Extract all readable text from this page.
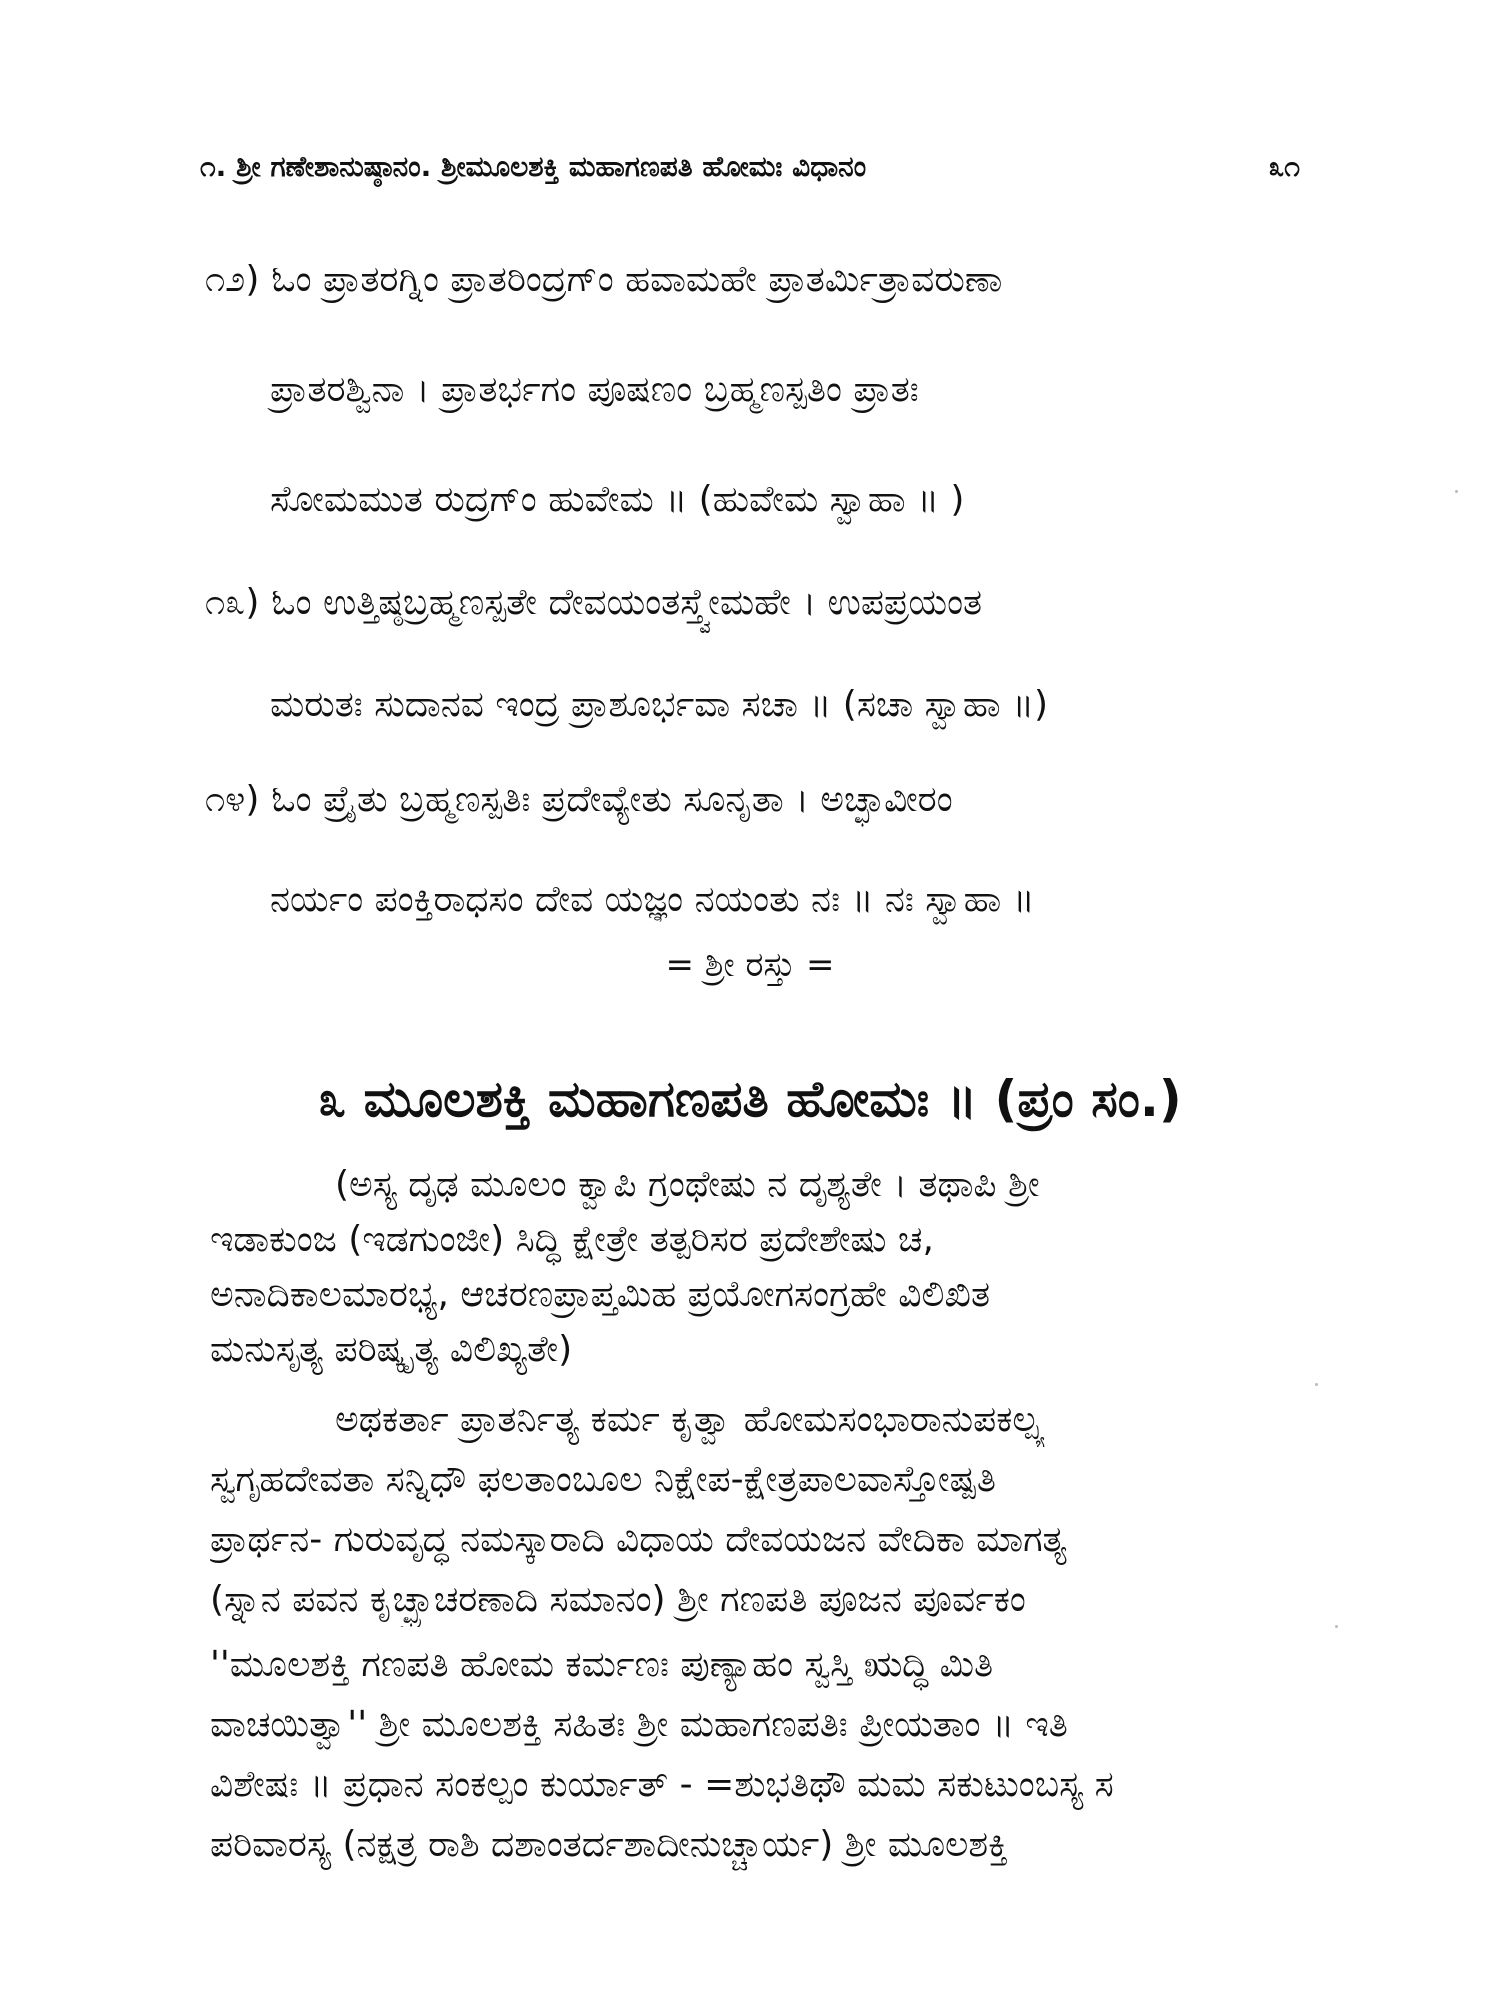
೧. ಶ್ರೀ ಗಣೇಶಾನುಷ್ಠಾನಂ. ಶ್ರೀಮೂಲಶಕ್ತಿ ಮಹಾಗಣಪತಿ ಹೋಮಃ ವಿಧಾನಂ	೩೧
೧೨) ಓಂ ಪ್ರಾತರಗ್ನಿಂ ಪ್ರಾತರಿಂದ್ರಗ್ಂ ಹವಾಮಹೇ ಪ್ರಾತರ್ಮಿತ್ರಾವರುಣಾ
ಪ್ರಾತರಶ್ವಿನಾ । ಪ್ರಾತರ್ಭಗಂ ಪೂಷಣಂ ಬ್ರಹ್ಮಣಸ್ಪತಿಂ ಪ್ರಾತಃ
ಸೋಮಮುತ ರುದ್ರಗ್ಂ ಹುವೇಮ ॥ (ಹುವೇಮ ಸ್ವಾಹಾ ॥ )
೧೩) ಓಂ ಉತ್ತಿಷ್ಠಬ್ರಹ್ಮಣಸ್ಪತೇ ದೇವಯಂತಸ್ತ್ವೇಮಹೇ । ಉಪಪ್ರಯಂತ
ಮರುತಃ ಸುದಾನವ ಇಂದ್ರ ಪ್ರಾಶೂರ್ಭವಾ ಸಚಾ ॥ (ಸಚಾ ಸ್ವಾಹಾ ॥)
೧೪) ಓಂ ಪ್ರೈತು ಬ್ರಹ್ಮಣಸ್ಪತಿಃ ಪ್ರದೇವ್ಯೇತು ಸೂನೃತಾ । ಅಚ್ಛಾವೀರಂ
ನರ್ಯಂ ಪಂಕ್ತಿರಾಧಸಂ ದೇವ ಯಜ್ಞಂ ನಯಂತು ನಃ ॥ ನಃ ಸ್ವಾಹಾ ॥
= ಶ್ರೀ ರಸ್ತು =
೩ ಮೂಲಶಕ್ತಿ ಮಹಾಗಣಪತಿ ಹೋಮಃ ॥ (ಪ್ರಂ ಸಂ.)
(ಅಸ್ಯ ದೃಢ ಮೂಲಂ ಕ್ವಾಪಿ ಗ್ರಂಥೇಷು ನ ದೃಶ್ಯತೇ । ತಥಾಪಿ ಶ್ರೀ
ಇಡಾಕುಂಜ (ಇಡಗುಂಜೀ) ಸಿದ್ಧಿ ಕ್ಷೇತ್ರೇ ತತ್ಪರಿಸರ ಪ್ರದೇಶೇಷು ಚ,
ಅನಾದಿಕಾಲಮಾರಭ್ಯ, ಆಚರಣಪ್ರಾಪ್ತಮಿಹ ಪ್ರಯೋಗಸಂಗ್ರಹೇ ವಿಲಿಖಿತ
ಮನುಸೃತ್ಯ ಪರಿಷ್ಕೃತ್ಯ ವಿಲಿಖ್ಯತೇ)
ಅಥಕರ್ತಾ ಪ್ರಾತರ್ನಿತ್ಯ ಕರ್ಮ ಕೃತ್ವಾ ಹೋಮಸಂಭಾರಾನುಪಕಲ್ಪ್ಯ
ಸ್ವಗೃಹದೇವತಾ ಸನ್ನಿಧೌ ಫಲತಾಂಬೂಲ ನಿಕ್ಷೇಪ-ಕ್ಷೇತ್ರಪಾಲವಾಸ್ತೋಷ್ಪತಿ
ಪ್ರಾರ್ಥನ- ಗುರುವೃದ್ಧ ನಮಸ್ಕಾರಾದಿ ವಿಧಾಯ ದೇವಯಜನ ವೇದಿಕಾ ಮಾಗತ್ಯ
(ಸ್ನಾನ ಪವನ ಕೃಚ್ಛ್ರಾಚರಣಾದಿ ಸಮಾನಂ) ಶ್ರೀ ಗಣಪತಿ ಪೂಜನ ಪೂರ್ವಕಂ
''ಮೂಲಶಕ್ತಿ ಗಣಪತಿ ಹೋಮ ಕರ್ಮಣಃ ಪುಣ್ಯಾಹಂ ಸ್ವಸ್ತಿ ಋದ್ಧಿ ಮಿತಿ
ವಾಚಯಿತ್ವಾ'' ಶ್ರೀ ಮೂಲಶಕ್ತಿ ಸಹಿತಃ ಶ್ರೀ ಮಹಾಗಣಪತಿಃ ಪ್ರೀಯತಾಂ ॥ ಇತಿ
ವಿಶೇಷಃ ॥ ಪ್ರಧಾನ ಸಂಕಲ್ಪಂ ಕುರ್ಯಾತ್ - =ಶುಭತಿಥೌ ಮಮ ಸಕುಟುಂಬಸ್ಯ ಸ
ಪರಿವಾರಸ್ಯ (ನಕ್ಷತ್ರ ರಾಶಿ ದಶಾಂತರ್ದಶಾದೀನುಚ್ಚಾರ್ಯ) ಶ್ರೀ ಮೂಲಶಕ್ತಿ
